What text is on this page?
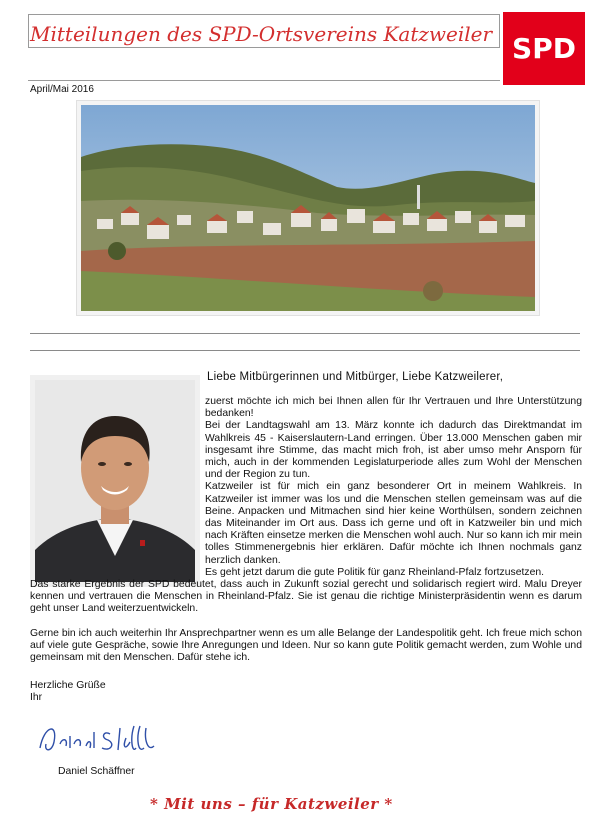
Mitteilungen des SPD-Ortsvereins Katzweiler SPD
April/Mai 2016
Liebe Mitbürgerinnen und Mitbürger, Liebe Katzweilerer,

zuerst möchte ich mich bei Ihnen allen für Ihr Vertrauen und Ihre Unterstützung bedanken!

Bei der Landtagswahl am 13. März konnte ich dadurch das Direktmandat im Wahlkreis 45 - Kaiserslautern-Land erringen. Über 13.000 Menschen gaben mir insgesamt ihre Stimme, das macht mich froh, ist aber umso mehr Ansporn für mich, auch in der kommenden Legislaturperiode alles zum Wohl der Menschen und der Region zu tun.

Katzweiler ist für mich ein ganz besonderer Ort in meinem Wahlkreis. In Katzweiler ist immer was los und die Menschen stellen gemeinsam was auf die Beine. Anpacken und Mitmachen sind hier keine Worthülsen, sondern zeichnen das Miteinander im Ort aus. Dass ich gerne und oft in Katzweiler bin und mich nach Kräften einsetze merken die Menschen wohl auch. Nur so kann ich mir mein tolles Stimmenergebnis hier erklären. Dafür möchte ich Ihnen nochmals ganz herzlich danken.

Es geht jetzt darum die gute Politik für ganz Rheinland-Pfalz fortzusetzen.

Das starke Ergebnis der SPD bedeutet, dass auch in Zukunft sozial gerecht und solidarisch regiert wird. Malu Dreyer kennen und vertrauen die Menschen in Rheinland-Pfalz. Sie ist genau die richtige Ministerpräsidentin wenn es darum geht unser Land weiterzuentwickeln.

Gerne bin ich auch weiterhin Ihr Ansprechpartner wenn es um alle Belange der Landespolitik geht. Ich freue mich schon auf viele gute Gespräche, sowie Ihre Anregungen und Ideen. Nur so kann gute Politik gemacht werden, zum Wohle und gemeinsam mit den Menschen. Dafür stehe ich.

Herzliche Grüße
Ihr
Daniel Schäffner
* Mit uns – für Katzweiler *
